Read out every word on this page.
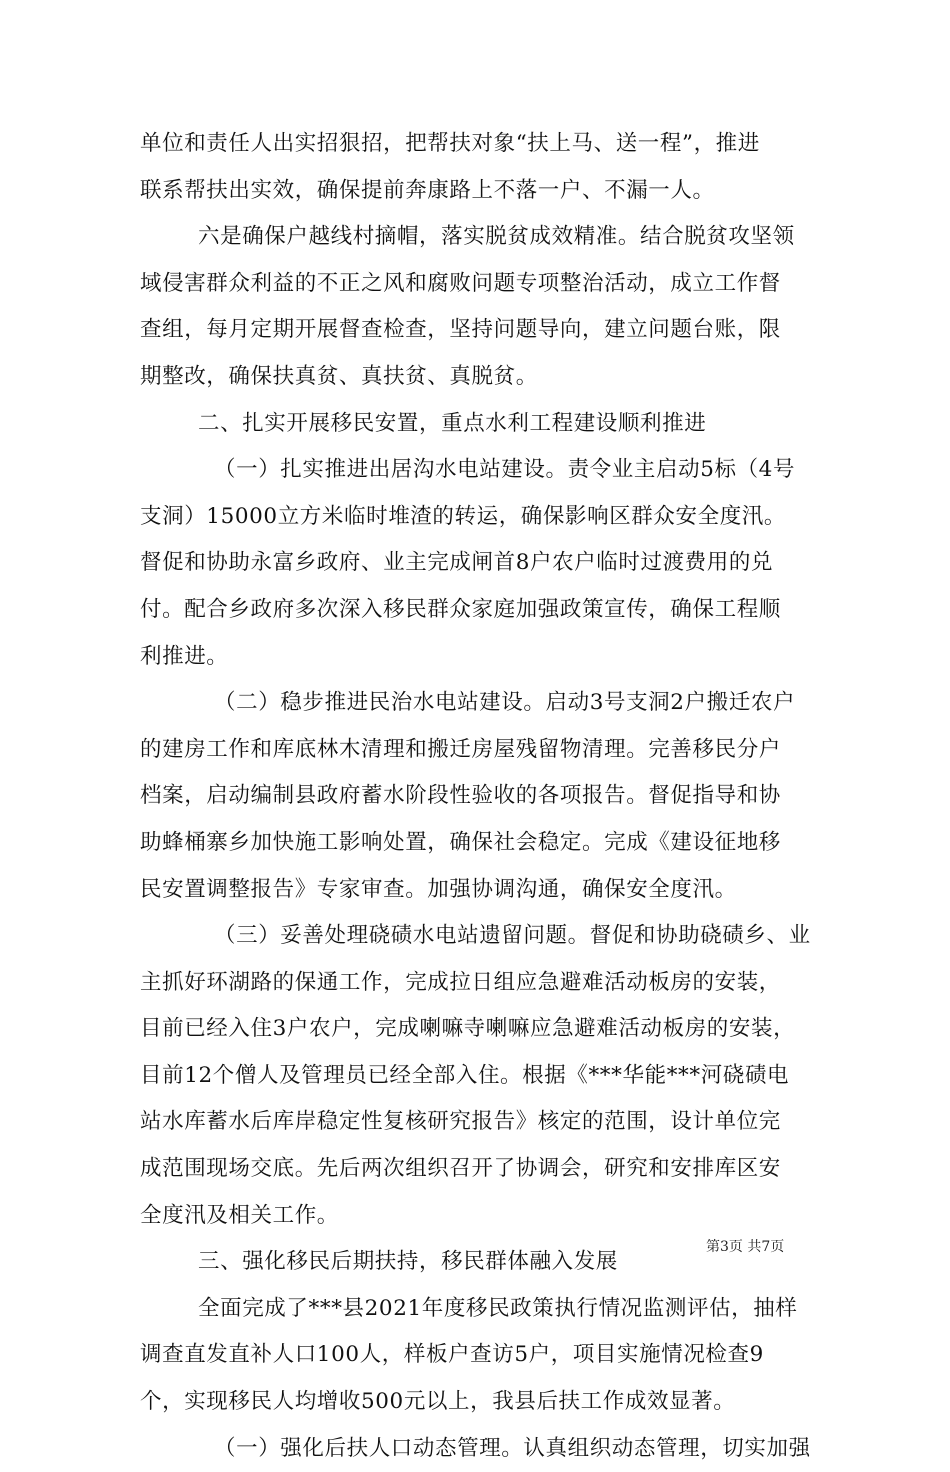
单位和责任人出实招狠招，把帮扶对象“扶上马、送一程”，推进
联系帮扶出实效，确保提前奔康路上不落一户、不漏一人。
六是确保户越线村摘帽，落实脱贫成效精准。结合脱贫攻坚领
域侵害群众利益的不正之风和腐败问题专项整治活动，成立工作督
查组，每月定期开展督查检查，坚持问题导向，建立问题台账，限
期整改，确保扶真贫、真扶贫、真脱贫。
二、扎实开展移民安置，重点水利工程建设顺利推进
（一）扎实推进出居沟水电站建设。责令业主启动5标（4号
支洞）15000立方米临时堆渣的转运，确保影响区群众安全度汛。
督促和协助永富乡政府、业主完成闸首8户农户临时过渡费用的兑
付。配合乡政府多次深入移民群众家庭加强政策宣传，确保工程顺
利推进。
（二）稳步推进民治水电站建设。启动3号支洞2户搬迁农户
的建房工作和库底林木清理和搬迁房屋残留物清理。完善移民分户
档案，启动编制县政府蓄水阶段性验收的各项报告。督促指导和协
助蜂桶寨乡加快施工影响处置，确保社会稳定。完成《建设征地移
民安置调整报告》专家审查。加强协调沟通，确保安全度汛。
（三）妥善处理硗碛水电站遗留问题。督促和协助硗碛乡、业
主抓好环湖路的保通工作，完成拉日组应急避难活动板房的安装，
目前已经入住3户农户，完成喇嘛寺喇嘛应急避难活动板房的安装，
目前12个僧人及管理员已经全部入住。根据《***华能***河硗碛电
站水库蓄水后库岸稳定性复核研究报告》核定的范围，设计单位完
成范围现场交底。先后两次组织召开了协调会，研究和安排库区安
全度汛及相关工作。
三、强化移民后期扶持，移民群体融入发展
全面完成了***县2021年度移民政策执行情况监测评估，抽样
调查直发直补人口100人，样板户查访5户，项目实施情况检查9
个，实现移民人均增收500元以上，我县后扶工作成效显著。
（一）强化后扶人口动态管理。认真组织动态管理，切实加强
第3页 共7页
